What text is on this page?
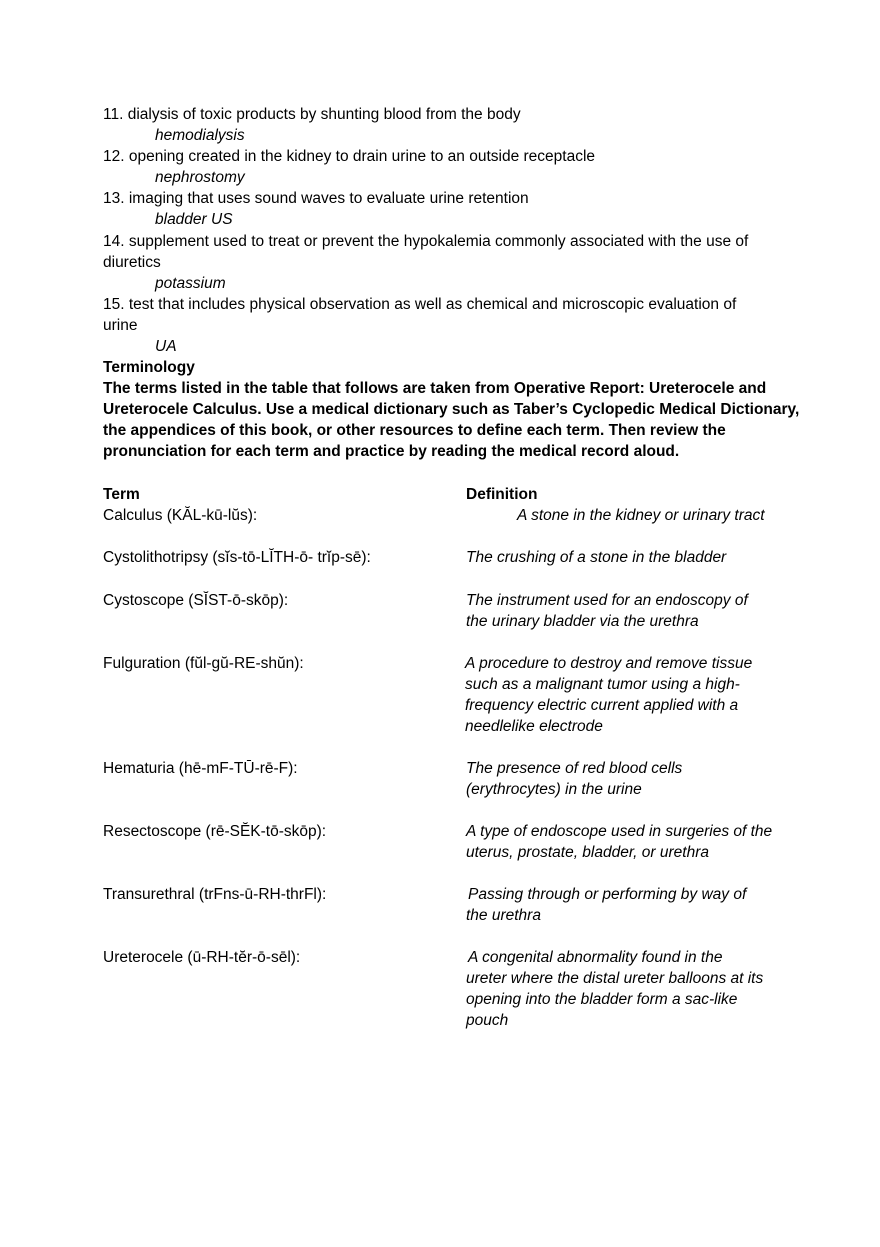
11. dialysis of toxic products by shunting blood from the body
hemodialysis
12. opening created in the kidney to drain urine to an outside receptacle
nephrostomy
13. imaging that uses sound waves to evaluate urine retention
bladder US
14. supplement used to treat or prevent the hypokalemia commonly associated with the use of
diuretics
potassium
15. test that includes physical observation as well as chemical and microscopic evaluation of
urine
UA
Terminology
The terms listed in the table that follows are taken from Operative Report: Ureterocele and
Ureterocele Calculus. Use a medical dictionary such as Taber’s Cyclopedic Medical Dictionary,
the appendices of this book, or other resources to define each term. Then review the
pronunciation for each term and practice by reading the medical record aloud.
Term	Definition
Calculus (KĂL-kū-lŭs):	A stone in the kidney or urinary tract
Cystolithotripsy (sĭs-tō-LĬTH-ō- trĭp-sē):	The crushing of a stone in the bladder
Cystoscope (SĬST-ō-skōp):	The instrument used for an endoscopy of
the urinary bladder via the urethra
Fulguration (fŭl-gŭ-RE-shŭn):	A procedure to destroy and remove tissue
such as a malignant tumor using a high-
frequency electric current applied with a
needlelike electrode
Hematuria (hē-mF-TŪ-rē-F):	The presence of red blood cells
(erythrocytes) in the urine
Resectoscope (rē-SĔK-tō-skōp):	A type of endoscope used in surgeries of the
uterus, prostate, bladder, or urethra
Transurethral (trFns-ū-RH-thrFl):	Passing through or performing by way of
the urethra
Ureterocele (ū-RH-tĕr-ō-sēl):	A congenital abnormality found in the
ureter where the distal ureter balloons at its
opening into the bladder form a sac-like
pouch
